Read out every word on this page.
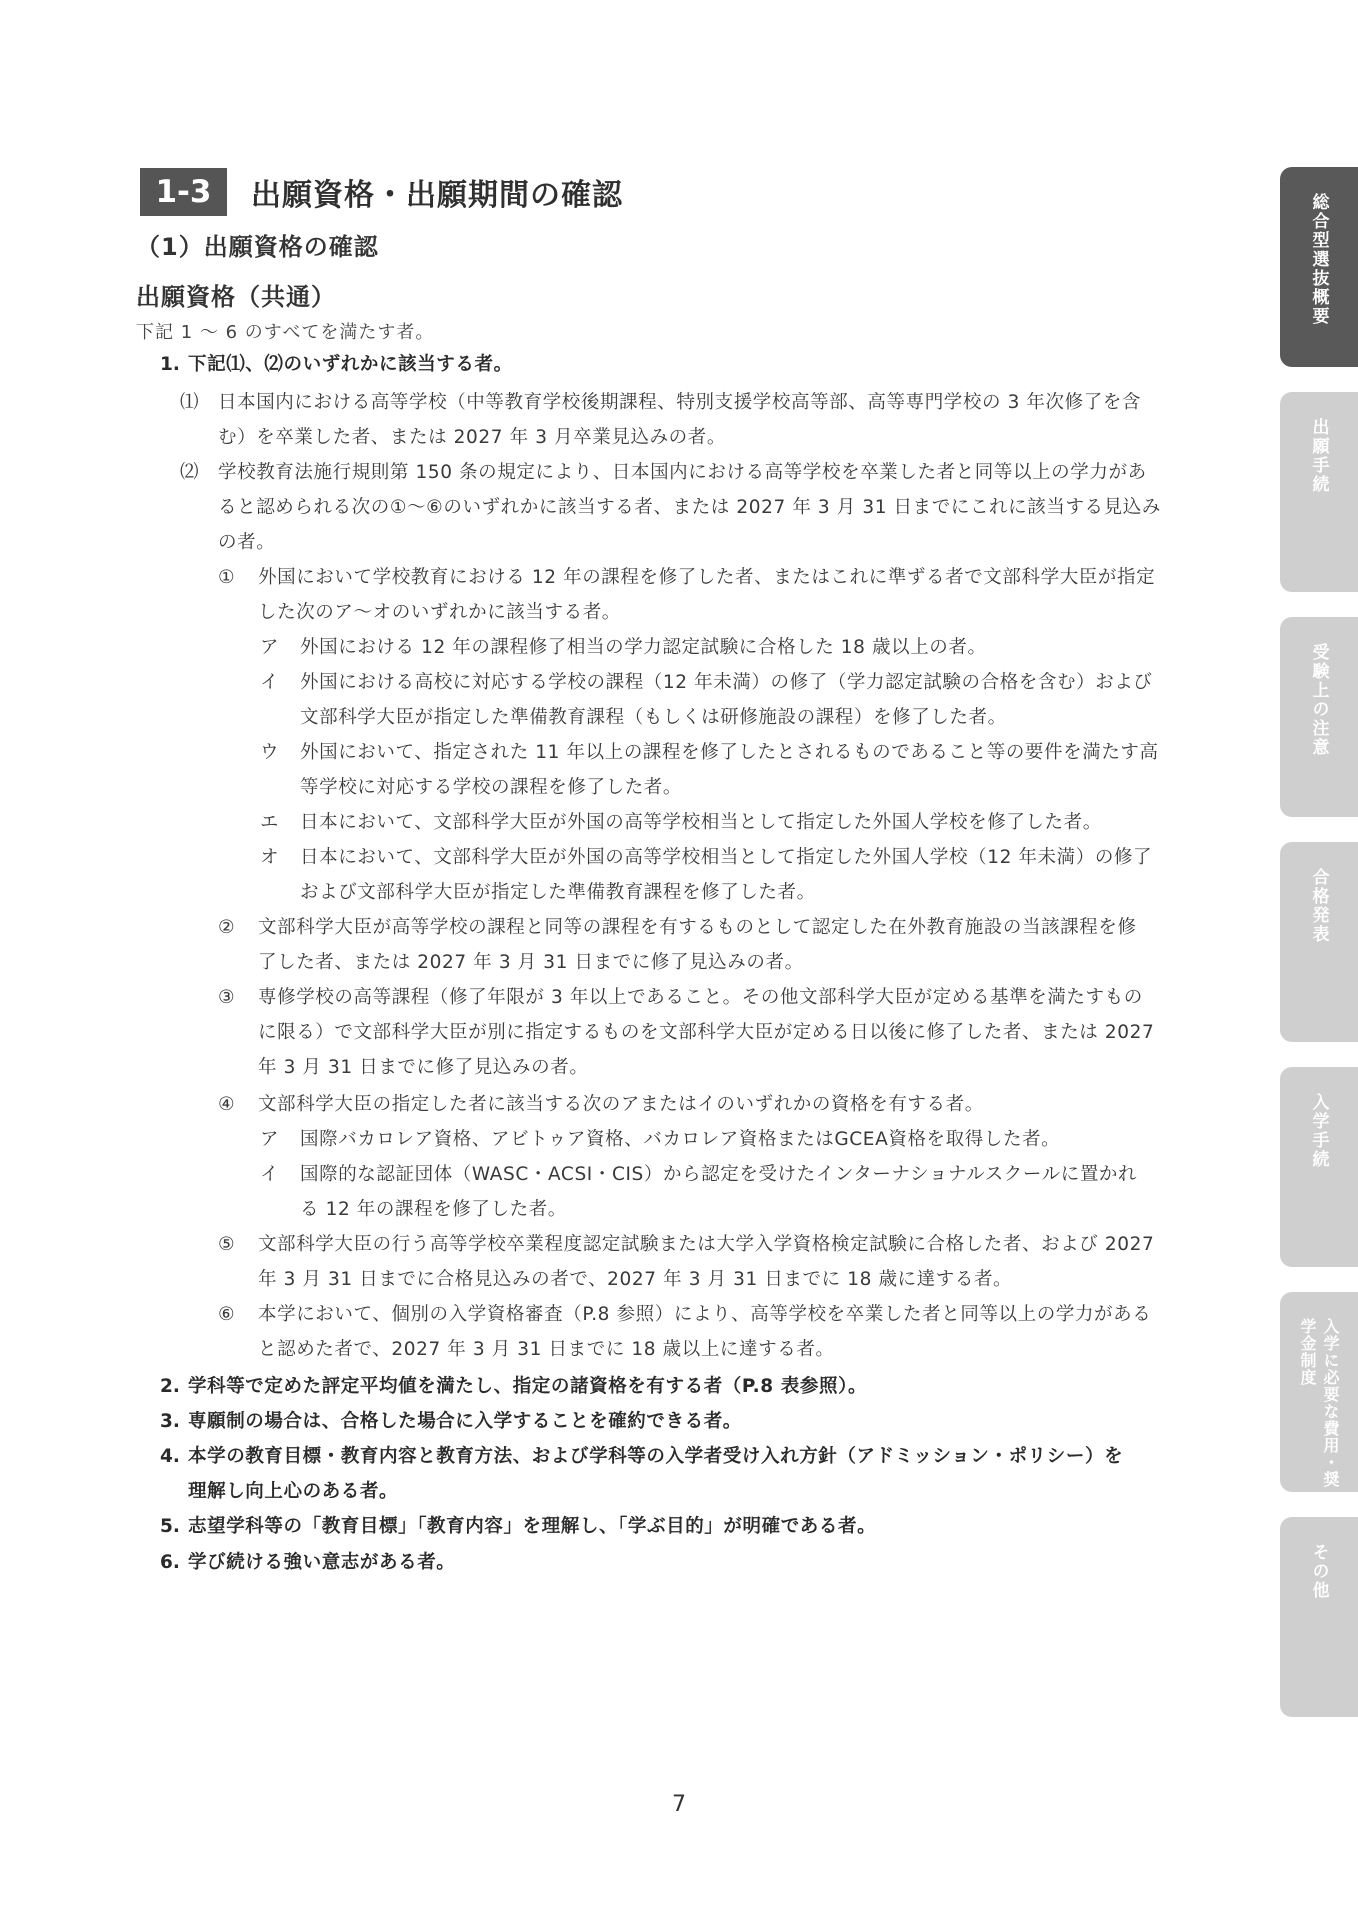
1-3	出願資格・出願期間の確認
（1）出願資格の確認
出願資格（共通）
下記 1 〜 6 のすべてを満たす者。
1. 下記⑴、⑵のいずれかに該当する者。
⑴ 日本国内における高等学校（中等教育学校後期課程、特別支援学校高等部、高等専門学校の 3 年次修了を含
む）を卒業した者、または 2027 年 3 月卒業見込みの者。
⑵ 学校教育法施行規則第 150 条の規定により、日本国内における高等学校を卒業した者と同等以上の学力があ
ると認められる次の①〜⑥のいずれかに該当する者、または 2027 年 3 月 31 日までにこれに該当する見込み
の者。
① 外国において学校教育における 12 年の課程を修了した者、またはこれに準ずる者で文部科学大臣が指定
した次のア〜オのいずれかに該当する者。
ア 外国における 12 年の課程修了相当の学力認定試験に合格した 18 歳以上の者。
イ 外国における高校に対応する学校の課程（12 年未満）の修了（学力認定試験の合格を含む）および
文部科学大臣が指定した準備教育課程（もしくは研修施設の課程）を修了した者。
ウ 外国において、指定された 11 年以上の課程を修了したとされるものであること等の要件を満たす高
等学校に対応する学校の課程を修了した者。
エ 日本において、文部科学大臣が外国の高等学校相当として指定した外国人学校を修了した者。
オ 日本において、文部科学大臣が外国の高等学校相当として指定した外国人学校（12 年未満）の修了
および文部科学大臣が指定した準備教育課程を修了した者。
② 文部科学大臣が高等学校の課程と同等の課程を有するものとして認定した在外教育施設の当該課程を修
了した者、または 2027 年 3 月 31 日までに修了見込みの者。
③ 専修学校の高等課程（修了年限が 3 年以上であること。その他文部科学大臣が定める基準を満たすもの
に限る）で文部科学大臣が別に指定するものを文部科学大臣が定める日以後に修了した者、または 2027
年 3 月 31 日までに修了見込みの者。
④ 文部科学大臣の指定した者に該当する次のアまたはイのいずれかの資格を有する者。
ア 国際バカロレア資格、アビトゥア資格、バカロレア資格またはGCEA資格を取得した者。
イ 国際的な認証団体（WASC・ACSI・CIS）から認定を受けたインターナショナルスクールに置かれ
る 12 年の課程を修了した者。
⑤ 文部科学大臣の行う高等学校卒業程度認定試験または大学入学資格検定試験に合格した者、および 2027
年 3 月 31 日までに合格見込みの者で、2027 年 3 月 31 日までに 18 歳に達する者。
⑥ 本学において、個別の入学資格審査（P.8 参照）により、高等学校を卒業した者と同等以上の学力がある
と認めた者で、2027 年 3 月 31 日までに 18 歳以上に達する者。
2. 学科等で定めた評定平均値を満たし、指定の諸資格を有する者（P.8 表参照）。
3. 専願制の場合は、合格した場合に入学することを確約できる者。
4. 本学の教育目標・教育内容と教育方法、および学科等の入学者受け入れ方針（アドミッション・ポリシー）を
理解し向上心のある者。
5. 志望学科等の「教育目標」「教育内容」を理解し、「学ぶ目的」が明確である者。
6. 学び続ける強い意志がある者。
総合型選抜概要
出願手続
受験上の注意
合格発表
入学手続
入学に必要な費用・奨学金制度
その他
7
